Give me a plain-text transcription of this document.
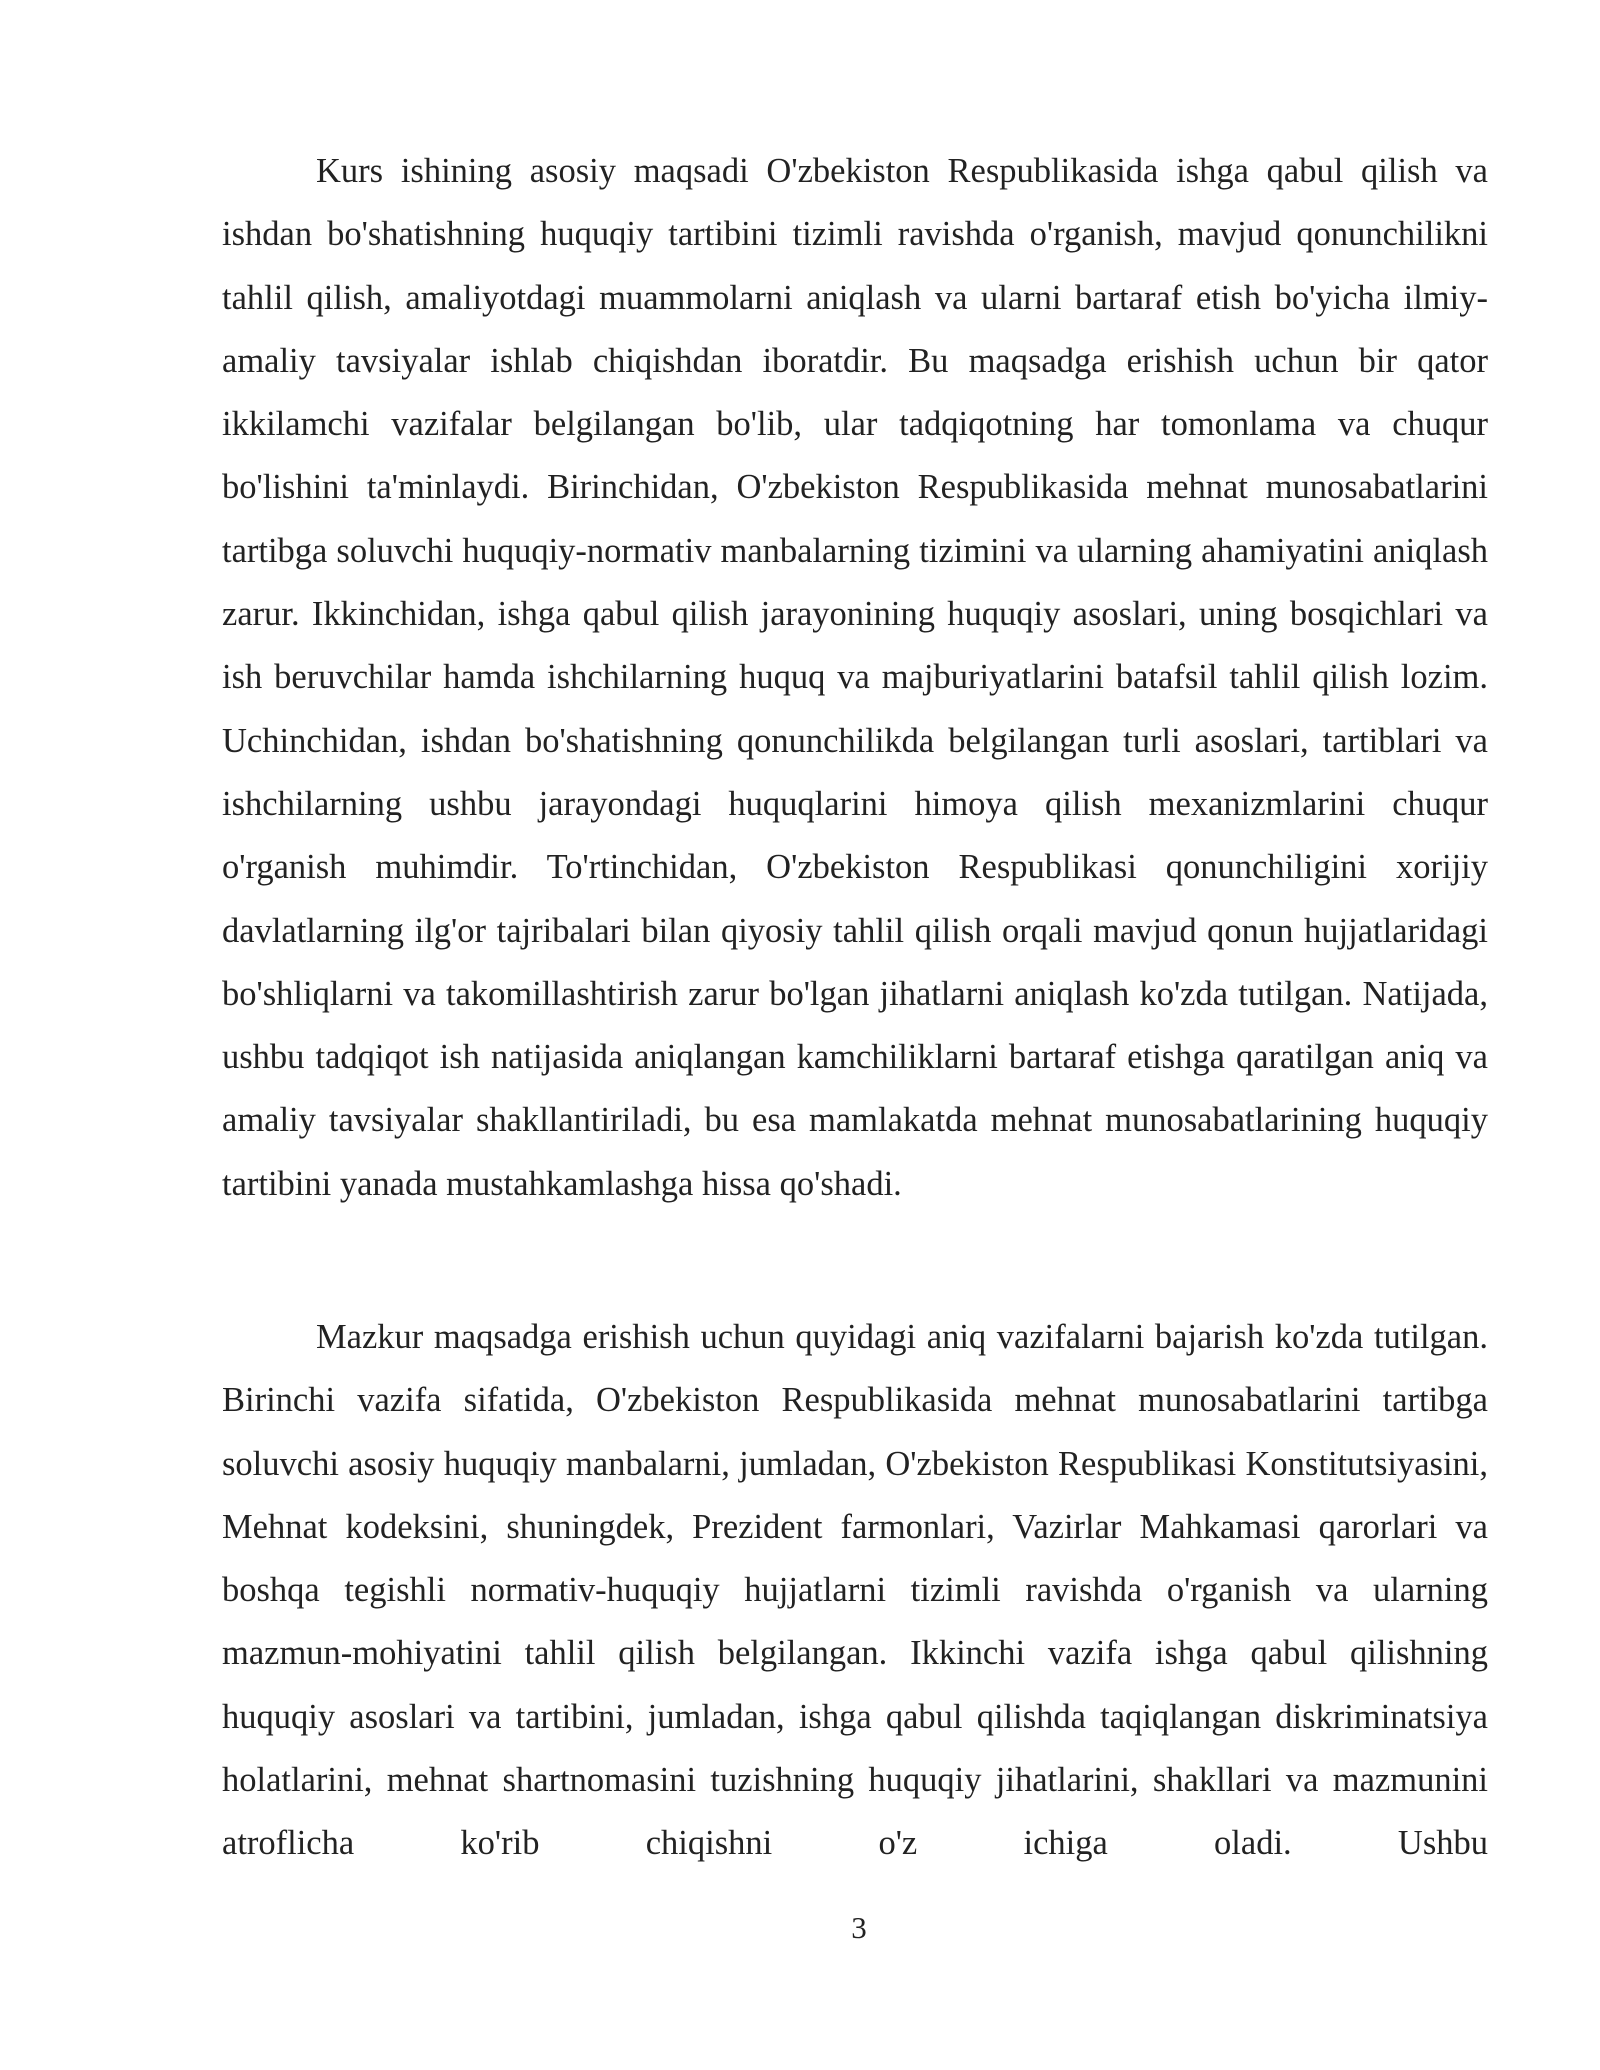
Kurs ishining asosiy maqsadi O'zbekiston Respublikasida ishga qabul qilish va ishdan bo'shatishning huquqiy tartibini tizimli ravishda o'rganish, mavjud qonunchilikni tahlil qilish, amaliyotdagi muammolarni aniqlash va ularni bartaraf etish bo'yicha ilmiy-amaliy tavsiyalar ishlab chiqishdan iboratdir. Bu maqsadga erishish uchun bir qator ikkilamchi vazifalar belgilangan bo'lib, ular tadqiqotning har tomonlama va chuqur bo'lishini ta'minlaydi. Birinchidan, O'zbekiston Respublikasida mehnat munosabatlarini tartibga soluvchi huquqiy-normativ manbalarning tizimini va ularning ahamiyatini aniqlash zarur. Ikkinchidan, ishga qabul qilish jarayonining huquqiy asoslari, uning bosqichlari va ish beruvchilar hamda ishchilarning huquq va majburiyatlarini batafsil tahlil qilish lozim. Uchinchidan, ishdan bo'shatishning qonunchilikda belgilangan turli asoslari, tartiblari va ishchilarning ushbu jarayondagi huquqlarini himoya qilish mexanizmlarini chuqur o'rganish muhimdir. To'rtinchidan, O'zbekiston Respublikasi qonunchiligini xorijiy davlatlarning ilg'or tajribalari bilan qiyosiy tahlil qilish orqali mavjud qonun hujjatlaridagi bo'shliqlarni va takomillashtirish zarur bo'lgan jihatlarni aniqlash ko'zda tutilgan. Natijada, ushbu tadqiqot ish natijasida aniqlangan kamchiliklarni bartaraf etishga qaratilgan aniq va amaliy tavsiyalar shakllantiriladi, bu esa mamlakatda mehnat munosabatlarining huquqiy tartibini yanada mustahkamlashga hissa qo'shadi.

Mazkur maqsadga erishish uchun quyidagi aniq vazifalarni bajarish ko'zda tutilgan. Birinchi vazifa sifatida, O'zbekiston Respublikasida mehnat munosabatlarini tartibga soluvchi asosiy huquqiy manbalarni, jumladan, O'zbekiston Respublikasi Konstitutsiyasini, Mehnat kodeksini, shuningdek, Prezident farmonlari, Vazirlar Mahkamasi qarorlari va boshqa tegishli normativ-huquqiy hujjatlarni tizimli ravishda o'rganish va ularning mazmun-mohiyatini tahlil qilish belgilangan. Ikkinchi vazifa ishga qabul qilishning huquqiy asoslari va tartibini, jumladan, ishga qabul qilishda taqiqlangan diskriminatsiya holatlarini, mehnat shartnomasini tuzishning huquqiy jihatlarini, shakllari va mazmunini atroflicha ko'rib chiqishni o'z ichiga oladi. Ushbu

3
